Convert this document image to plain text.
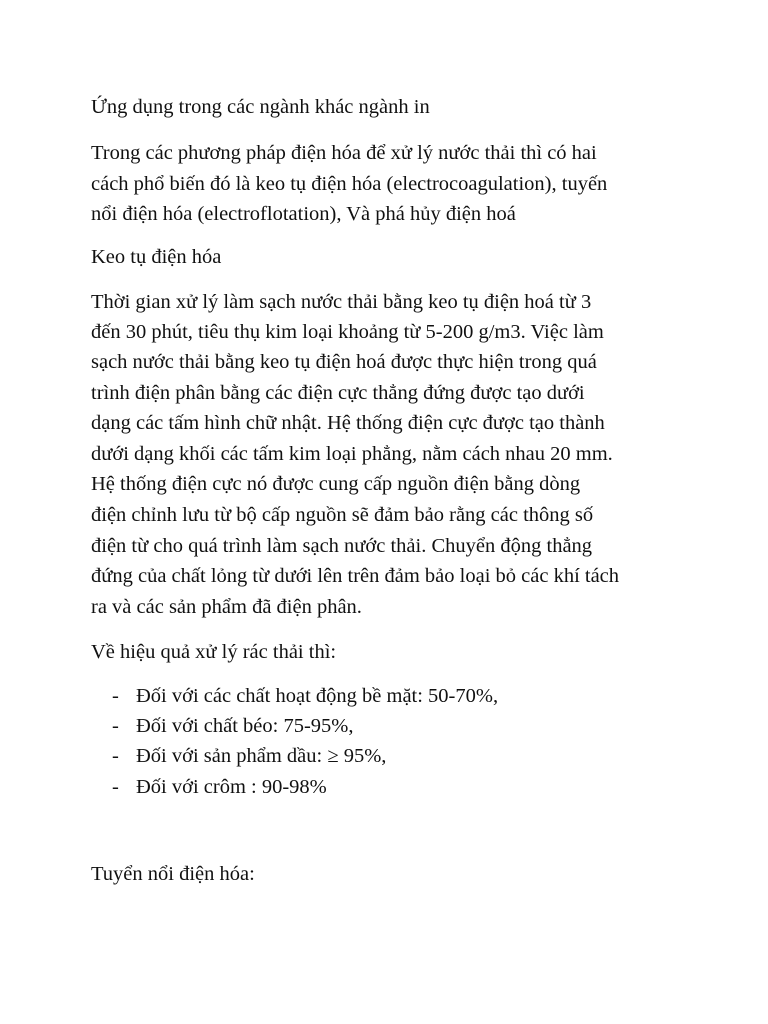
Ứng dụng trong các ngành khác ngành in
Trong các phương pháp điện hóa để xử lý nước thải thì có hai
cách phổ biến đó là keo tụ điện hóa (electrocoagulation), tuyến
nổi điện hóa (electroflotation), Và phá hủy điện hoá
Keo tụ điện hóa
Thời gian xử lý làm sạch nước thải bằng keo tụ điện hoá từ 3
đến 30 phút, tiêu thụ kim loại khoảng từ 5-200 g/m3. Việc làm
sạch nước thải bằng keo tụ điện hoá được thực hiện trong quá
trình điện phân bằng các điện cực thẳng đứng được tạo dưới
dạng các tấm hình chữ nhật. Hệ thống điện cực được tạo thành
dưới dạng khối các tấm kim loại phẳng, nằm cách nhau 20 mm.
Hệ thống điện cực nó được cung cấp nguồn điện bằng dòng
điện chỉnh lưu từ bộ cấp nguồn sẽ đảm bảo rằng các thông số
điện từ cho quá trình làm sạch nước thải. Chuyển động thẳng
đứng của chất lỏng từ dưới lên trên đảm bảo loại bỏ các khí tách
ra và các sản phẩm đã điện phân.
Về hiệu quả xử lý rác thải thì:
- Đối với các chất hoạt động bề mặt: 50-70%,
- Đối với chất béo: 75-95%,
- Đối với sản phẩm dầu: ≥ 95%,
- Đối với crôm : 90-98%
Tuyển nổi điện hóa:
